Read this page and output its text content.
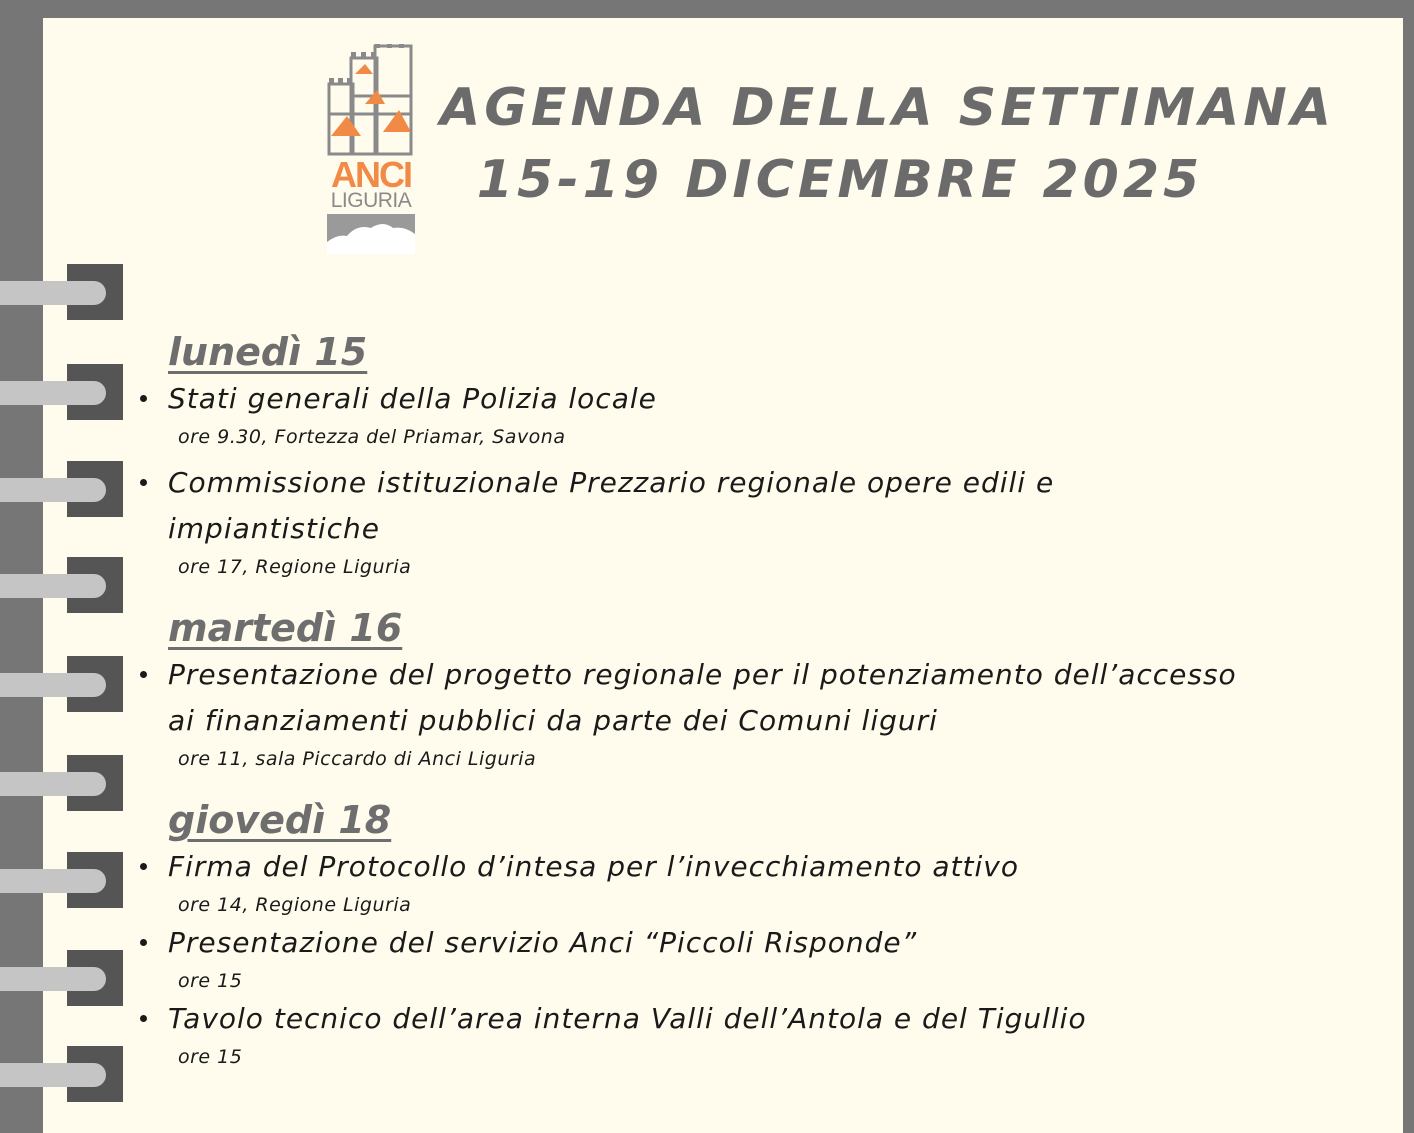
ANCI
LIGURIA
AGENDA DELLA SETTIMANA
15-19 DICEMBRE 2025
lunedì 15
Stati generali della Polizia locale
ore 9.30, Fortezza del Priamar, Savona
Commissione istituzionale Prezzario regionale opere edili e impiantistiche
ore 17, Regione Liguria
martedì 16
Presentazione del progetto regionale per il potenziamento dell’accesso ai finanziamenti pubblici da parte dei Comuni liguri
ore 11, sala Piccardo di Anci Liguria
giovedì 18
Firma del Protocollo d’intesa per l’invecchiamento attivo
ore 14, Regione Liguria
Presentazione del servizio Anci “Piccoli Risponde”
ore 15
Tavolo tecnico dell’area interna Valli dell’Antola e del Tigullio
ore 15
